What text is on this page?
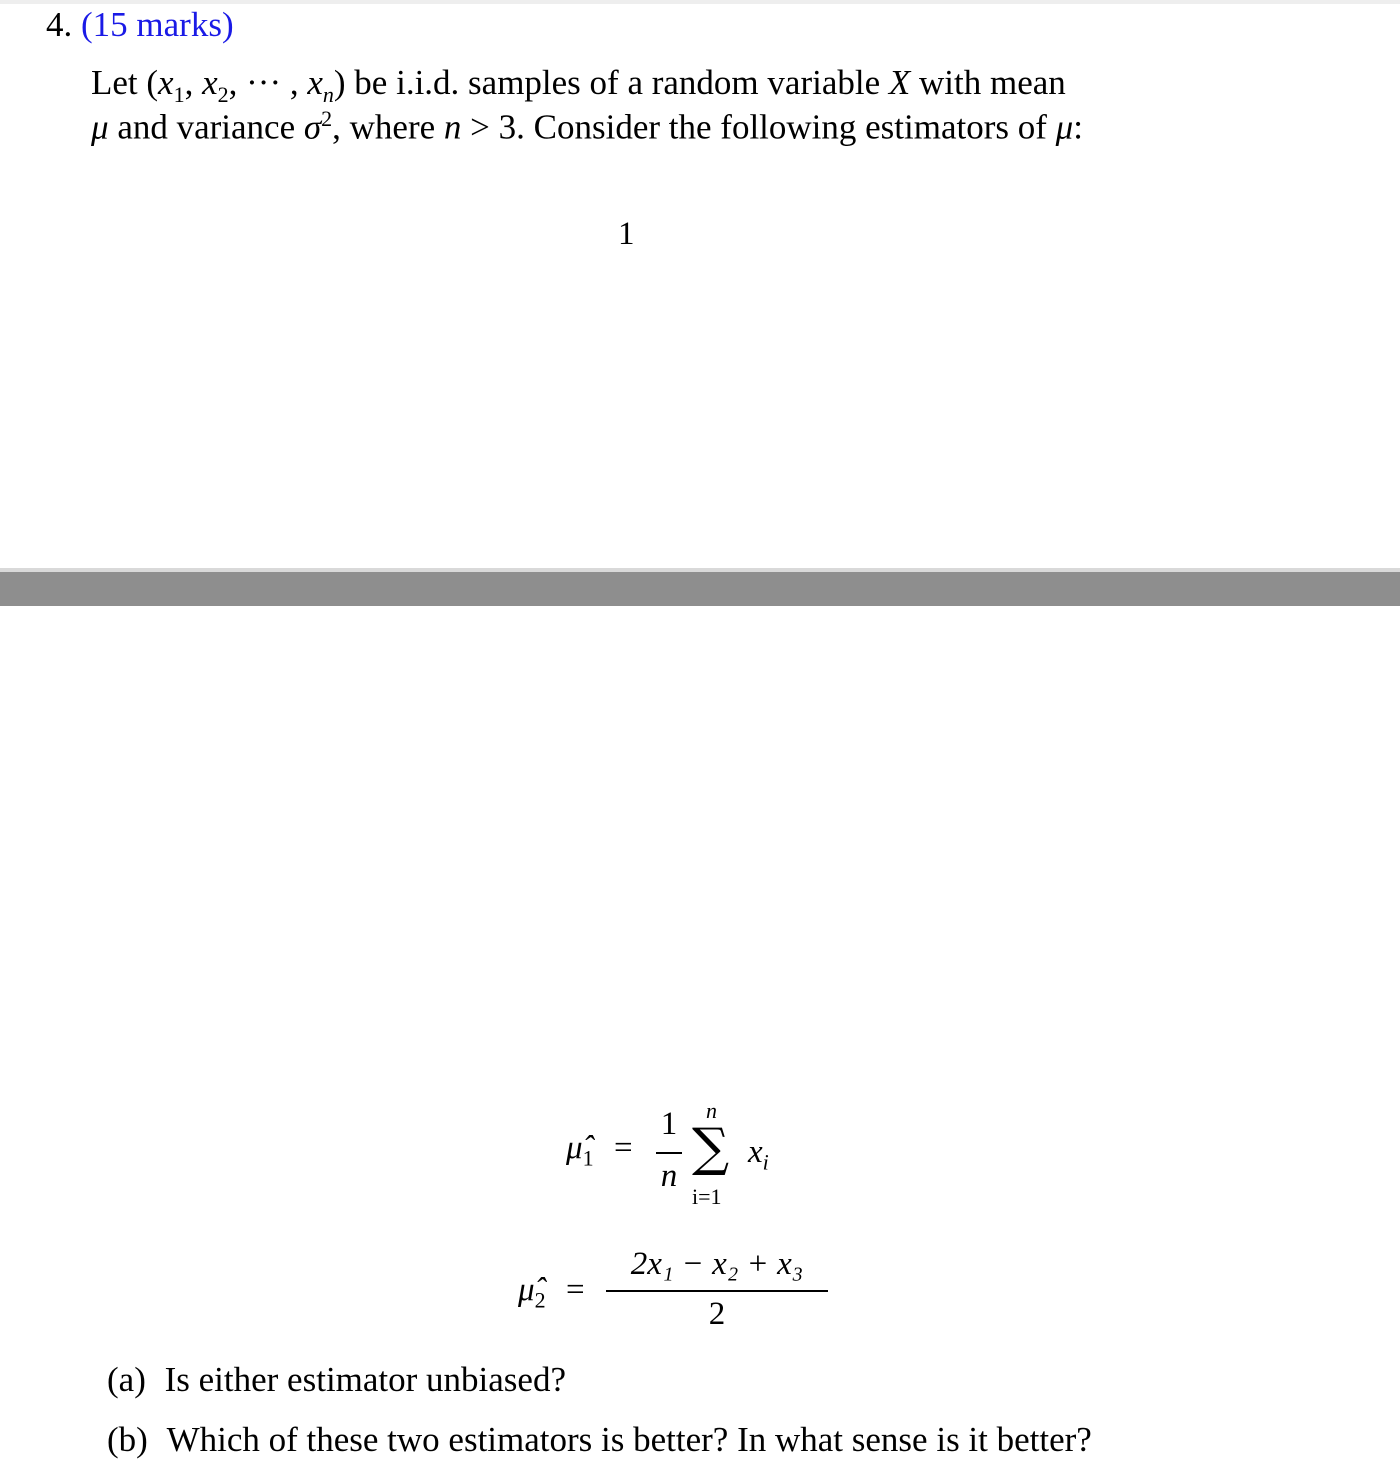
4. (15 marks)
Let ($x_1$, $x_2$, ··· , $x_n$) be i.i.d. samples of a random variable X with mean
μ and variance $\sigma^2$, where n > 3. Consider the following estimators of μ:
1
$\mû_1$ =
1
n
n
∑
i=1
$x_i$
$\mû_2$ =
2x₁ − x₂ + x₃
2
(a) Is either estimator unbiased?
(b) Which of these two estimators is better? In what sense is it better?
